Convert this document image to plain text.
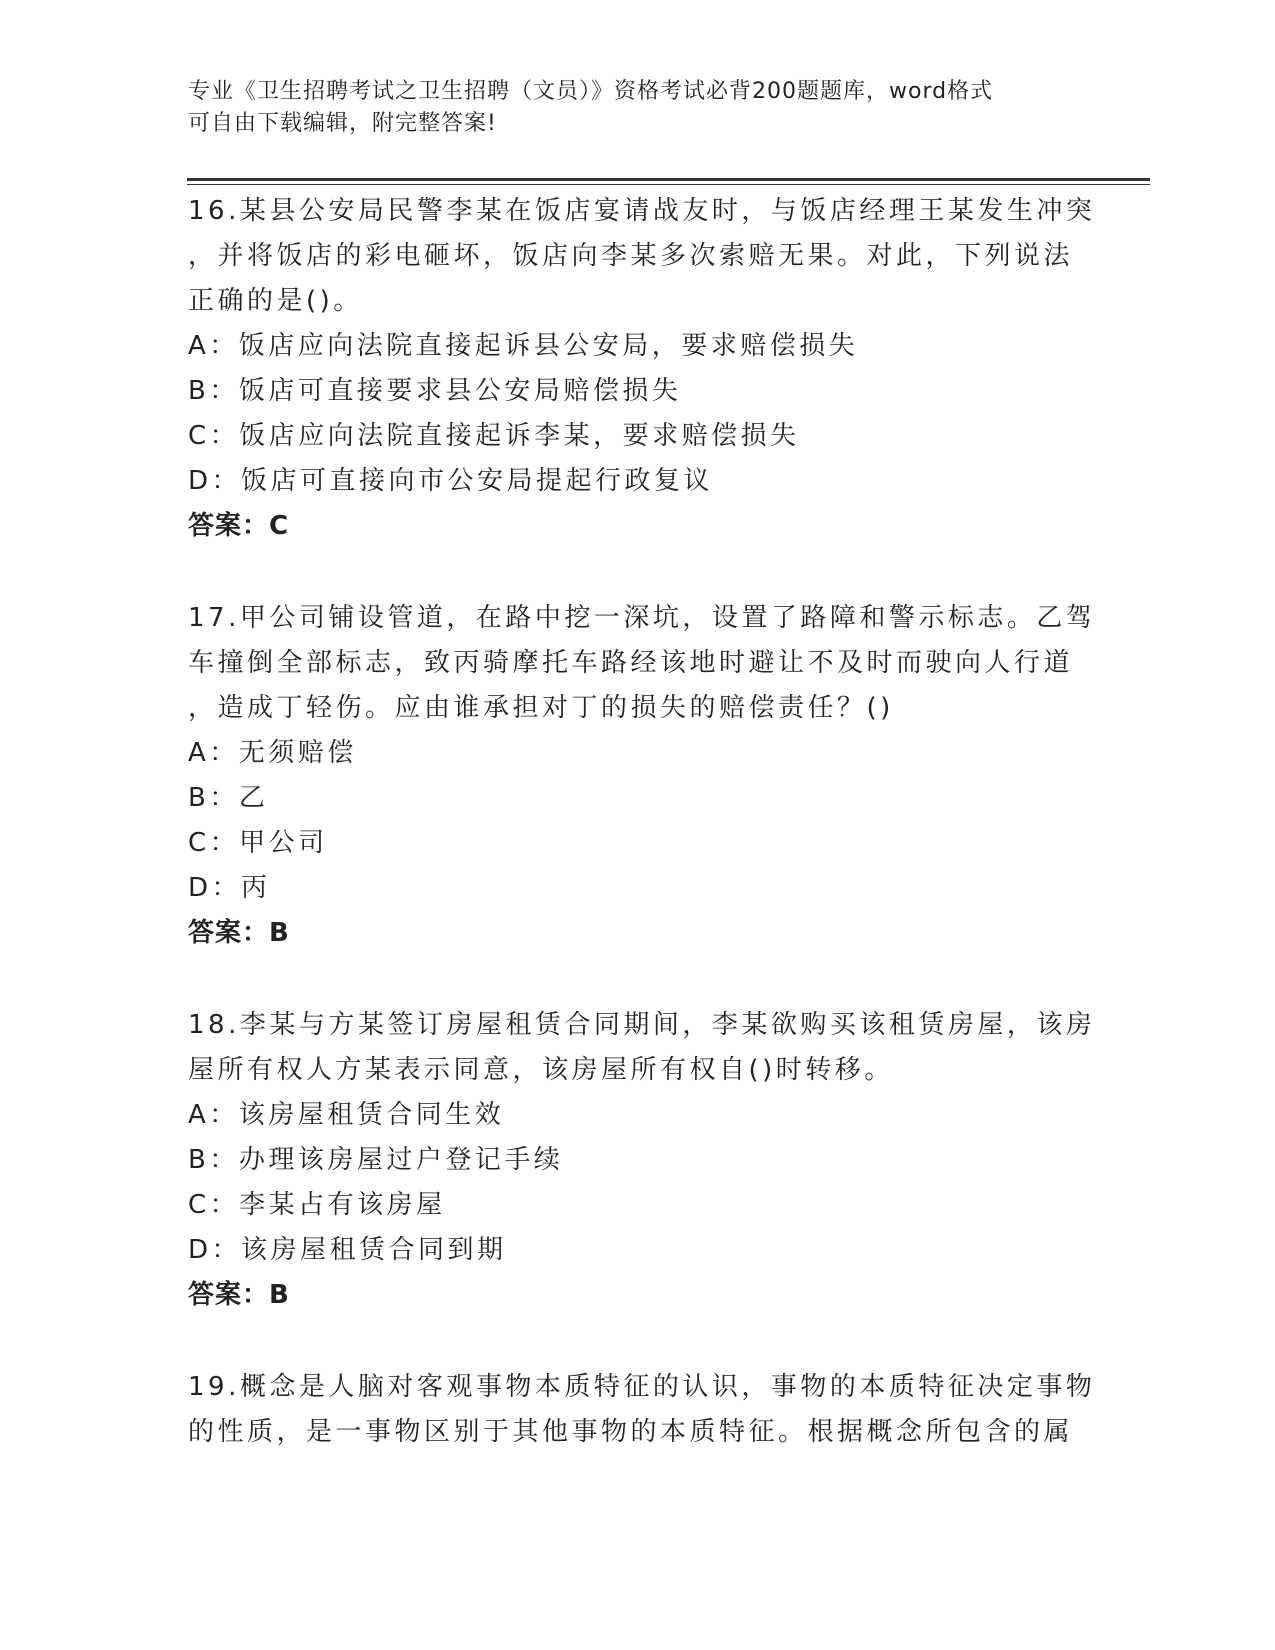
专业《卫生招聘考试之卫生招聘（文员）》资格考试必背200题题库，word格式
可自由下载编辑，附完整答案!
16.某县公安局民警李某在饭店宴请战友时，与饭店经理王某发生冲突
，并将饭店的彩电砸坏，饭店向李某多次索赔无果。对此，下列说法
正确的是()。
A：饭店应向法院直接起诉县公安局，要求赔偿损失
B：饭店可直接要求县公安局赔偿损失
C：饭店应向法院直接起诉李某，要求赔偿损失
D：饭店可直接向市公安局提起行政复议
答案：C
17.甲公司铺设管道，在路中挖一深坑，设置了路障和警示标志。乙驾
车撞倒全部标志，致丙骑摩托车路经该地时避让不及时而驶向人行道
，造成丁轻伤。应由谁承担对丁的损失的赔偿责任？()
A：无须赔偿
B：乙
C：甲公司
D：丙
答案：B
18.李某与方某签订房屋租赁合同期间，李某欲购买该租赁房屋，该房
屋所有权人方某表示同意，该房屋所有权自()时转移。
A：该房屋租赁合同生效
B：办理该房屋过户登记手续
C：李某占有该房屋
D：该房屋租赁合同到期
答案：B
19.概念是人脑对客观事物本质特征的认识，事物的本质特征决定事物
的性质，是一事物区别于其他事物的本质特征。根据概念所包含的属
